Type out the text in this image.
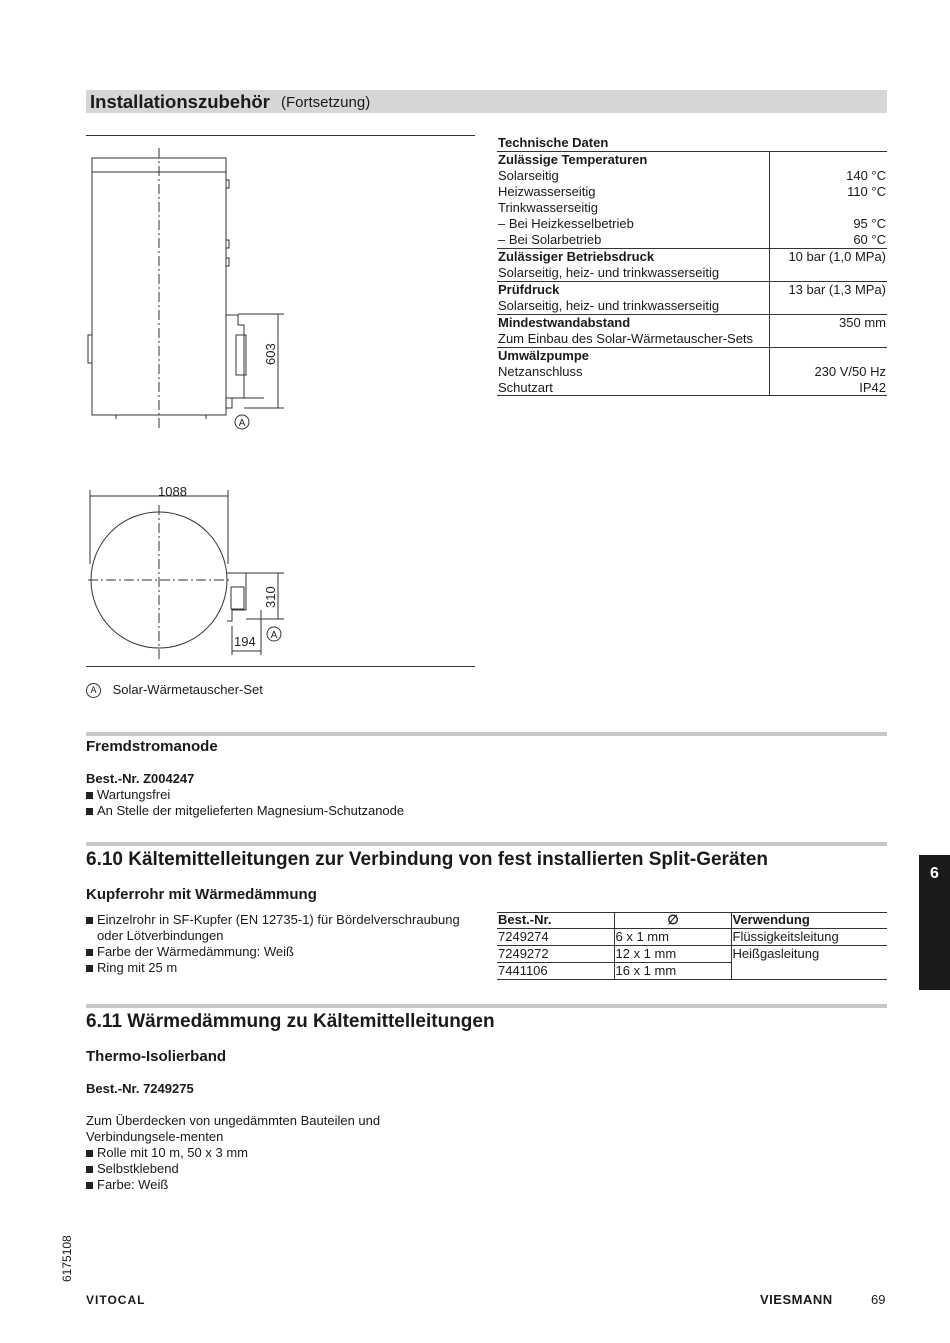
Installationszubehör (Fortsetzung)
603
1088
310
194
A
A
A Solar-Wärmetauscher-Set
Technische Daten
Zulässige Temperaturen
Solarseitig	140 °C
Heizwasserseitig	110 °C
Trinkwasserseitig
– Bei Heizkesselbetrieb	95 °C
– Bei Solarbetrieb	60 °C
Zulässiger Betriebsdruck	10 bar (1,0 MPa)
Solarseitig, heiz- und trinkwasserseitig
Prüfdruck	13 bar (1,3 MPa)
Solarseitig, heiz- und trinkwasserseitig
Mindestwandabstand	350 mm
Zum Einbau des Solar-Wärmetauscher-Sets
Umwälzpumpe
Netzanschluss	230 V/50 Hz
Schutzart	IP42
Fremdstromanode
Best.-Nr. Z004247
Wartungsfrei
An Stelle der mitgelieferten Magnesium-Schutzanode
6.10 Kältemittelleitungen zur Verbindung von fest installierten Split-Geräten
Kupferrohr mit Wärmedämmung
Einzelrohr in SF-Kupfer (EN 12735-1) für Bördelverschraubung oder Lötverbindungen
Farbe der Wärmedämmung: Weiß
Ring mit 25 m
Best.-Nr.	∅	Verwendung
7249274	6 x 1 mm	Flüssigkeitsleitung
7249272	12 x 1 mm	Heißgasleitung
7441106	16 x 1 mm	
6.11 Wärmedämmung zu Kältemittelleitungen
Thermo-Isolierband
Best.-Nr. 7249275
Zum Überdecken von ungedämmten Bauteilen und Verbindungsele-menten
Rolle mit 10 m, 50 x 3 mm
Selbstklebend
Farbe: Weiß
6
6175108
VITOCAL	VIESMANN	69
